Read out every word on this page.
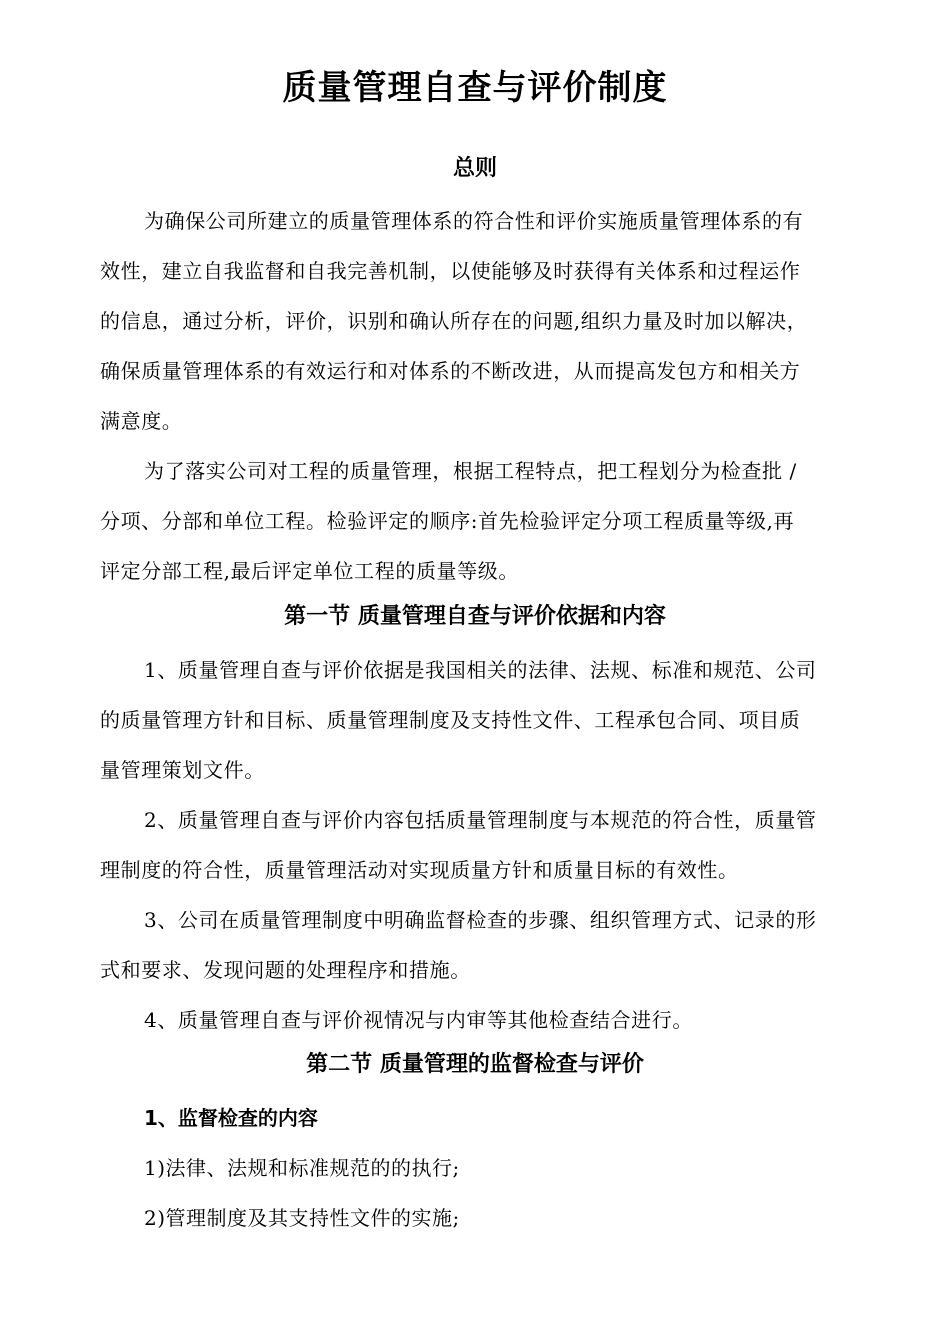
质量管理自查与评价制度
总则
为确保公司所建立的质量管理体系的符合性和评价实施质量管理体系的有
效性，建立自我监督和自我完善机制，以使能够及时获得有关体系和过程运作
的信息，通过分析，评价，识别和确认所存在的问题,组织力量及时加以解决，
确保质量管理体系的有效运行和对体系的不断改进，从而提高发包方和相关方
满意度。
为了落实公司对工程的质量管理，根据工程特点，把工程划分为检查批 /
分项、分部和单位工程。检验评定的顺序:首先检验评定分项工程质量等级,再
评定分部工程,最后评定单位工程的质量等级。
第一节 质量管理自查与评价依据和内容
1、质量管理自查与评价依据是我国相关的法律、法规、标准和规范、公司
的质量管理方针和目标、质量管理制度及支持性文件、工程承包合同、项目质
量管理策划文件。
2、质量管理自查与评价内容包括质量管理制度与本规范的符合性，质量管
理制度的符合性，质量管理活动对实现质量方针和质量目标的有效性。
3、公司在质量管理制度中明确监督检查的步骤、组织管理方式、记录的形
式和要求、发现问题的处理程序和措施。
4、质量管理自查与评价视情况与内审等其他检查结合进行。
第二节 质量管理的监督检查与评价
1、监督检查的内容
1)法律、法规和标准规范的的执行;
2)管理制度及其支持性文件的实施;
